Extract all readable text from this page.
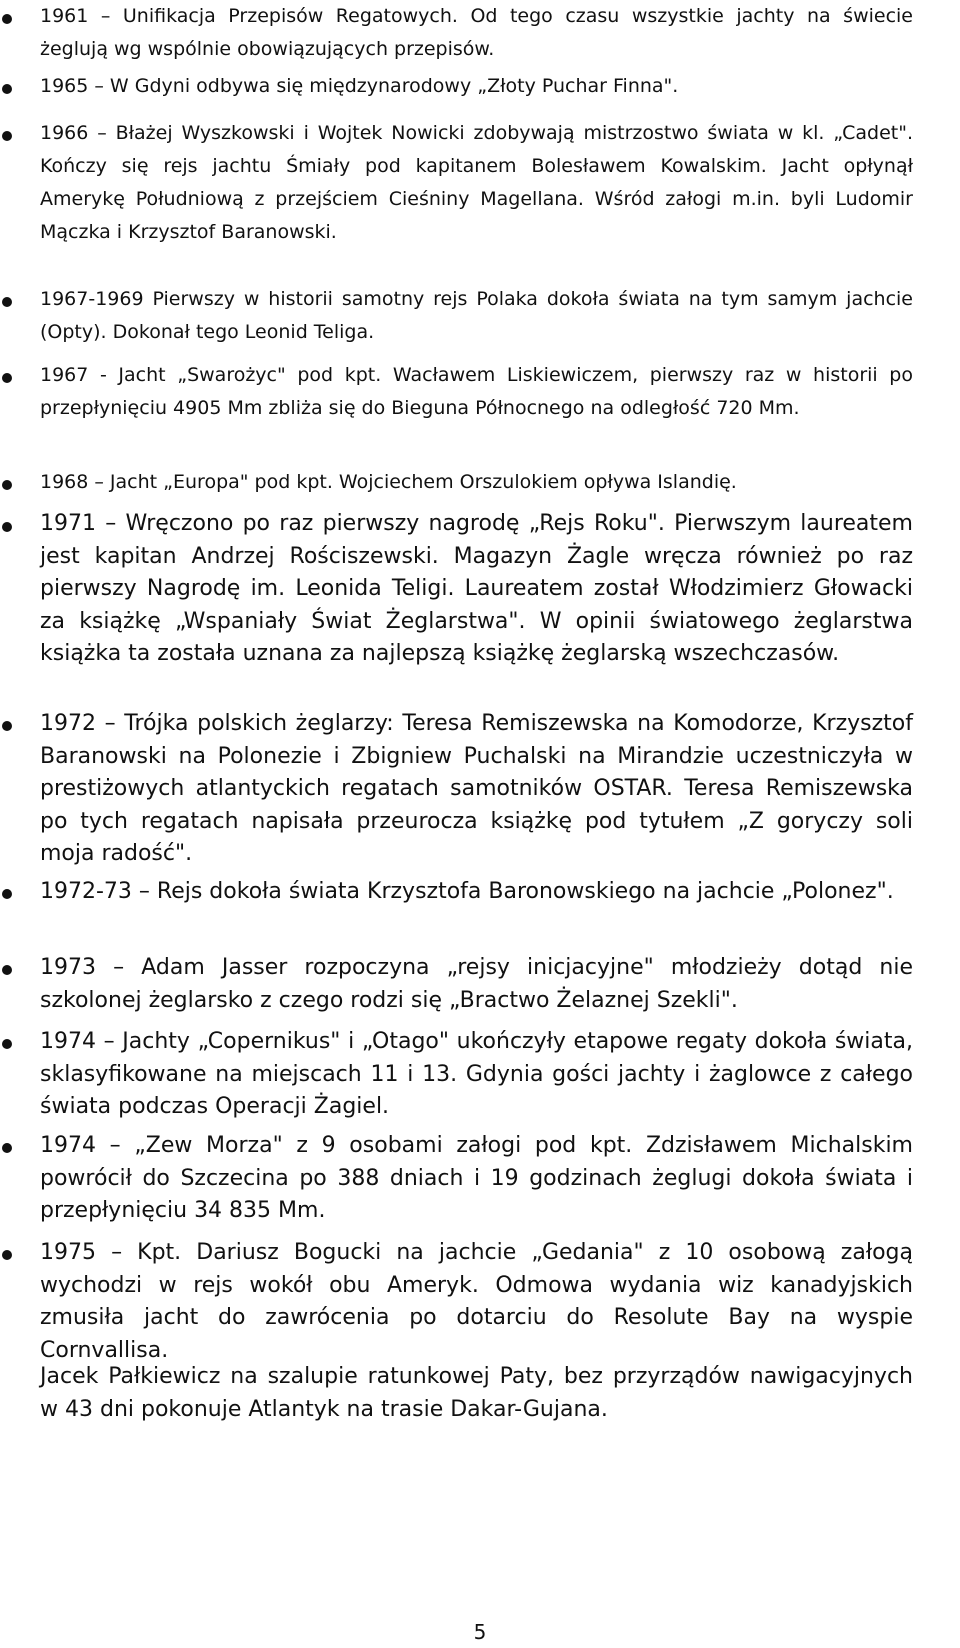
1961 – Unifikacja Przepisów Regatowych. Od tego czasu wszystkie jachty na świecie żeglują wg wspólnie obowiązujących przepisów.
1965 – W Gdyni odbywa się międzynarodowy „Złoty Puchar Finna".
1966 – Błażej Wyszkowski i Wojtek Nowicki zdobywają mistrzostwo świata w kl. „Cadet". Kończy się rejs jachtu Śmiały pod kapitanem Bolesławem Kowalskim. Jacht opłynął Amerykę Południową z przejściem Cieśniny Magellana. Wśród załogi m.in. byli Ludomir Mączka i Krzysztof Baranowski.
1967-1969 Pierwszy w historii samotny rejs Polaka dokoła świata na tym samym jachcie (Opty). Dokonał tego Leonid Teliga.
1967 - Jacht „Swarożyc" pod kpt. Wacławem Liskiewiczem, pierwszy raz w historii po przepłynięciu 4905 Mm zbliża się do Bieguna Północnego na odległość 720 Mm.
1968 – Jacht „Europa" pod kpt. Wojciechem Orszulokiem opływa Islandię.
1971 – Wręczono po raz pierwszy nagrodę „Rejs Roku". Pierwszym laureatem jest kapitan Andrzej Rościszewski. Magazyn Żagle wręcza również po raz pierwszy Nagrodę im. Leonida Teligi. Laureatem został Włodzimierz Głowacki za książkę „Wspaniały Świat Żeglarstwa". W opinii światowego żeglarstwa książka ta została uznana za najlepszą książkę żeglarską wszechczasów.
1972 – Trójka polskich żeglarzy: Teresa Remiszewska na Komodorze, Krzysztof Baranowski na Polonezie i Zbigniew Puchalski na Mirandzie uczestniczyła w prestiżowych atlantyckich regatach samotników OSTAR. Teresa Remiszewska po tych regatach napisała przeurocza książkę pod tytułem „Z goryczy soli moja radość".
1972-73 – Rejs dokoła świata Krzysztofa Baronowskiego na jachcie „Polonez".
1973 – Adam Jasser rozpoczyna „rejsy inicjacyjne" młodzieży dotąd nie szkolonej żeglarsko z czego rodzi się „Bractwo Żelaznej Szekli".
1974 – Jachty „Copernikus" i „Otago" ukończyły etapowe regaty dokoła świata, sklasyfikowane na miejscach 11 i 13. Gdynia gości jachty i żaglowce z całego świata podczas Operacji Żagiel.
1974 – „Zew Morza" z 9 osobami załogi pod kpt. Zdzisławem Michalskim powrócił do Szczecina po 388 dniach i 19 godzinach żeglugi dokoła świata i przepłynięciu 34 835 Mm.
1975 – Kpt. Dariusz Bogucki na jachcie „Gedania" z 10 osobową załogą wychodzi w rejs wokół obu Ameryk. Odmowa wydania wiz kanadyjskich zmusiła jacht do zawrócenia po dotarciu do Resolute Bay na wyspie Cornvallisa.
Jacek Pałkiewicz na szalupie ratunkowej Paty, bez przyrządów nawigacyjnych w 43 dni pokonuje Atlantyk na trasie Dakar-Gujana.
5
